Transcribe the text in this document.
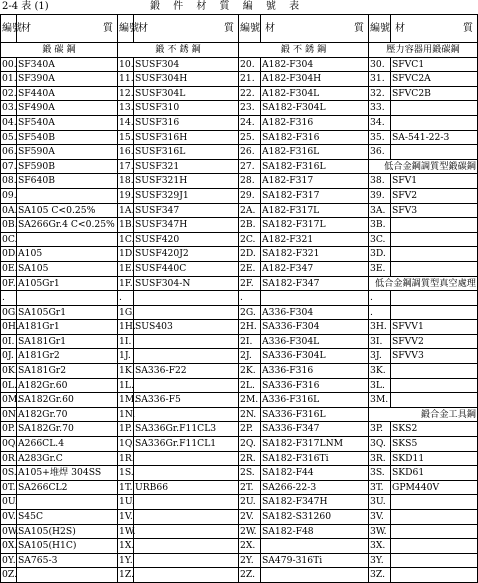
2-4 表 (1)	鍛 件 材 質 編 號 表
編號	材 質	編號	材 質	編號	材 質	編號	材 質

鍛 碳 鋼		鍛 不 銹 鋼		鍛 不 銹 鋼		壓力容器用鍛碳鋼	
00.	SF340A	10.	SUSF304	20.	A182-F304	30.	SFVC1
01.	SF390A	11.	SUSF304H	21.	A182-F304H	31.	SFVC2A
02.	SF440A	12.	SUSF304L	22.	A182-F304L	32.	SFVC2B
03.	SF490A	13.	SUSF310	23.	SA182-F304L	33.	
04.	SF540A	14.	SUSF316	24.	A182-F316	34.	
05.	SF540B	15.	SUSF316H	25.	SA182-F316	35.	SA-541-22-3
06.	SF590A	16.	SUSF316L	26.	A182-F316L	36.	
07.	SF590B	17.	SUSF321	27.	SA182-F316L	低合金鋼調質型鍛碳鋼	
08.	SF640B	18.	SUSF321H	28.	A182-F317	38.	SFV1
09.		19.	SUSF329J1	29.	SA182-F317	39.	SFV2
0A.	SA105 C<0.25%	1A.	SUSF347	2A.	A182-F317L	3A.	SFV3
0B.	SA266Gr.4 C<0.25%	1B.	SUSF347H	2B.	SA182-F317L	3B.	
0C.		1C.	SUSF420	2C.	A182-F321	3C.	
0D.	A105	1D.	SUSF420J2	2D.	SA182-F321	3D.	
0E.	SA105	1E.	SUSF440C	2E.	A182-F347	3E.	
0F.	A105Gr1	1F.	SUSF304-N	2F.	SA182-F347	低合金鋼調質型真空處理	
.		.		.		.	
0G.	SA105Gr1	1G.		2G.	A336-F304	.	
0H.	A181Gr1	1H.	SUS403	2H.	SA336-F304	3H.	SFVV1
0I.	SA181Gr1	1I.		2I.	A336-F304L	3I.	SFVV2
0J.	A181Gr2	1J.		2J.	SA336-F304L	3J.	SFVV3
0K.	SA181Gr2	1K.	SA336-F22	2K.	A336-F316	3K.	
0L.	A182Gr.60	1L.		2L.	SA336-F316	3L.	
0M.	SA182Gr.60	1M.	SA336-F5	2M.	A336-F316L	3M.	
0N.	A182Gr.70	1N.		2N.	SA336-F316L	鍛合金工具鋼	
0P.	SA182Gr.70	1P.	SA336Gr.F11CL3	2P.	SA336-F347	3P.	SKS2
0Q.	A266CL.4	1Q.	SA336Gr.F11CL1	2Q.	SA182-F317LNM	3Q.	SKS5
0R.	A283Gr.C	1R.		2R.	SA182-F316Ti	3R.	SKD11
0S.	A105+堆焊 304SS	1S.		2S.	SA182-F44	3S.	SKD61
0T.	SA266CL2	1T.	URB66	2T.	SA266-22-3	3T.	GPM440V
0U.		1U.		2U.	SA182-F347H	3U.	
0V.	S45C	1V.		2V.	SA182-S31260	3V.	
0W.	SA105(H2S)	1W.		2W.	SA182-F48	3W.	
0X.	SA105(H1C)	1X.		2X.		3X.	
0Y.	SA765-3	1Y.		2Y.	SA479-316Ti	3Y.	
0Z.		1Z.		2Z.		3Z.	
